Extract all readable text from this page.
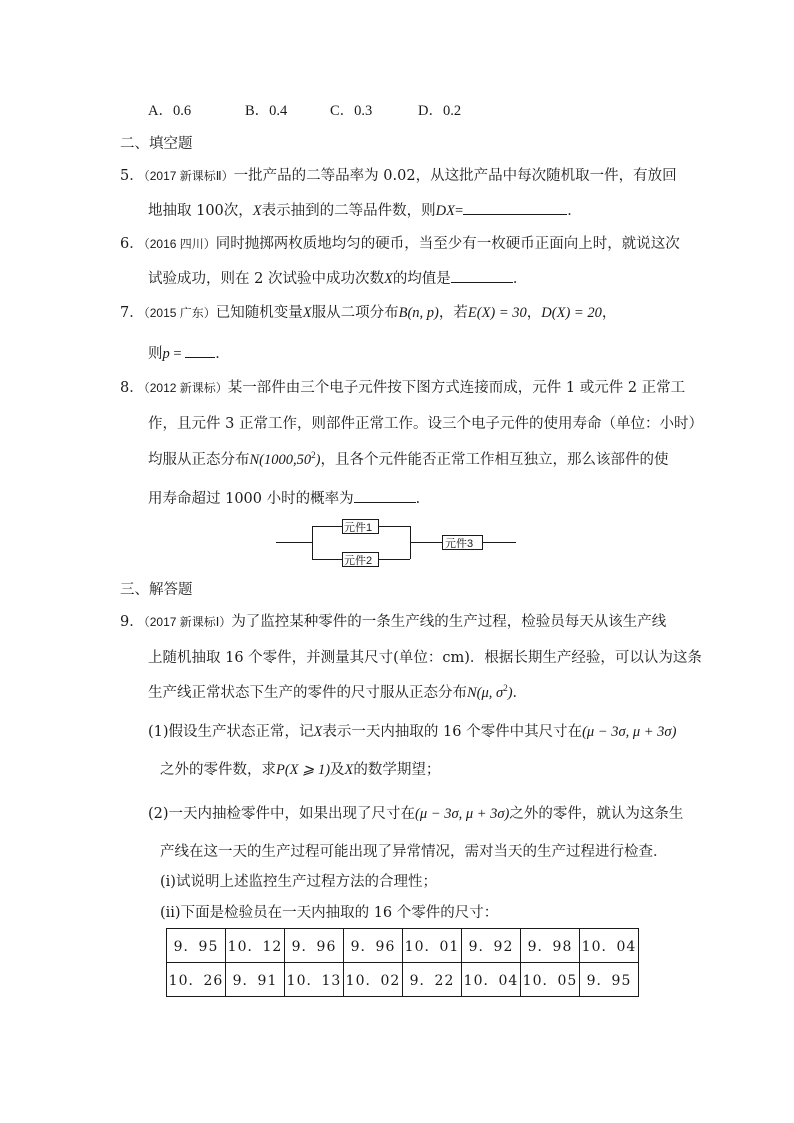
A．0.6	B．0.4	C．0.3	D．0.2
二、填空题
5．（2017 新课标Ⅱ）一批产品的二等品率为 0.02，从这批产品中每次随机取一件，有放回
地抽取 100次，X表示抽到的二等品件数，则DX=	．
6．（2016 四川）同时抛掷两枚质地均匀的硬币，当至少有一枚硬币正面向上时，就说这次
试验成功，则在 2 次试验中成功次数X的均值是	．
7．（2015 广东）已知随机变量X服从二项分布B(n, p)，若E(X) = 30，D(X) = 20，
则p = ．
8．（2012 新课标）某一部件由三个电子元件按下图方式连接而成，元件 1 或元件 2 正常工
作，且元件 3 正常工作，则部件正常工作。设三个电子元件的使用寿命（单位：小时）
均服从正态分布N(1000,50$^2$)，且各个元件能否正常工作相互独立，那么该部件的使
用寿命超过 1000 小时的概率为	．
元件1
元件2
元件3
三、解答题
9．（2017 新课标Ⅰ）为了监控某种零件的一条生产线的生产过程，检验员每天从该生产线
上随机抽取 16 个零件，并测量其尺寸(单位：cm)．根据长期生产经验，可以认为这条
生产线正常状态下生产的零件的尺寸服从正态分布N(μ, $\sigma^2$)．
(1)假设生产状态正常，记X表示一天内抽取的 16 个零件中其尺寸在(μ − 3σ, μ + 3σ)
之外的零件数，求P(X ⩾ 1)及X的数学期望；
(2)一天内抽检零件中，如果出现了尺寸在(μ − 3σ, μ + 3σ)之外的零件，就认为这条生
产线在这一天的生产过程可能出现了异常情况，需对当天的生产过程进行检查．
(ⅰ)试说明上述监控生产过程方法的合理性；
(ⅱ)下面是检验员在一天内抽取的 16 个零件的尺寸：
9．95	10．12	9．96	9．96	10．01	9．92	9．98	10．04
10．26	9．91	10．13	10．02	9．22	10．04	10．05	9．95
